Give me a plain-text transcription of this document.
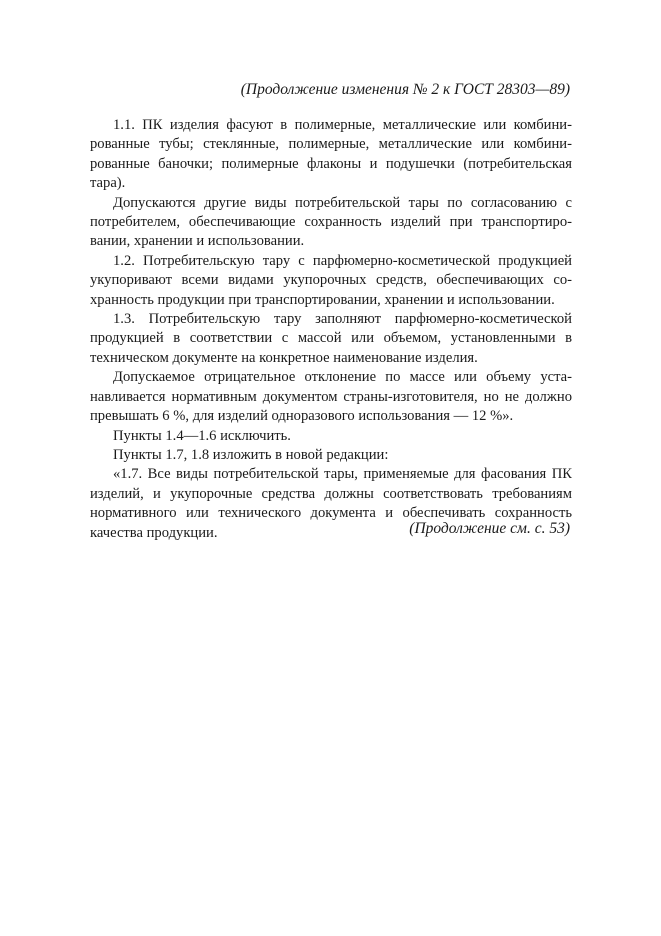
(Продолжение изменения № 2 к ГОСТ 28303—89)

1.1. ПК изделия фасуют в полимерные, металлические или комбинированные тубы; стеклянные, полимерные, металлические или комбинированные баночки; полимерные флаконы и подушечки (потребительская тара).

Допускаются другие виды потребительской тары по согласованию с потребителем, обеспечивающие сохранность изделий при транспортировании, хранении и использовании.

1.2. Потребительскую тару с парфюмерно-косметической продукцией укупоривают всеми видами укупорочных средств, обеспечивающих сохранность продукции при транспортировании, хранении и использовании.

1.3. Потребительскую тару заполняют парфюмерно-косметической продукцией в соответствии с массой или объемом, установленными в техническом документе на конкретное наименование изделия.

Допускаемое отрицательное отклонение по массе или объему устанавливается нормативным документом страны-изготовителя, но не должно превышать 6 %, для изделий одноразового использования — 12 %».

Пункты 1.4—1.6 исключить.

Пункты 1.7, 1.8 изложить в новой редакции:

«1.7. Все виды потребительской тары, применяемые для фасования ПК изделий, и укупорочные средства должны соответствовать требованиям нормативного или технического документа и обеспечивать сохранность качества продукции.	(Продолжение см. с. 53)
